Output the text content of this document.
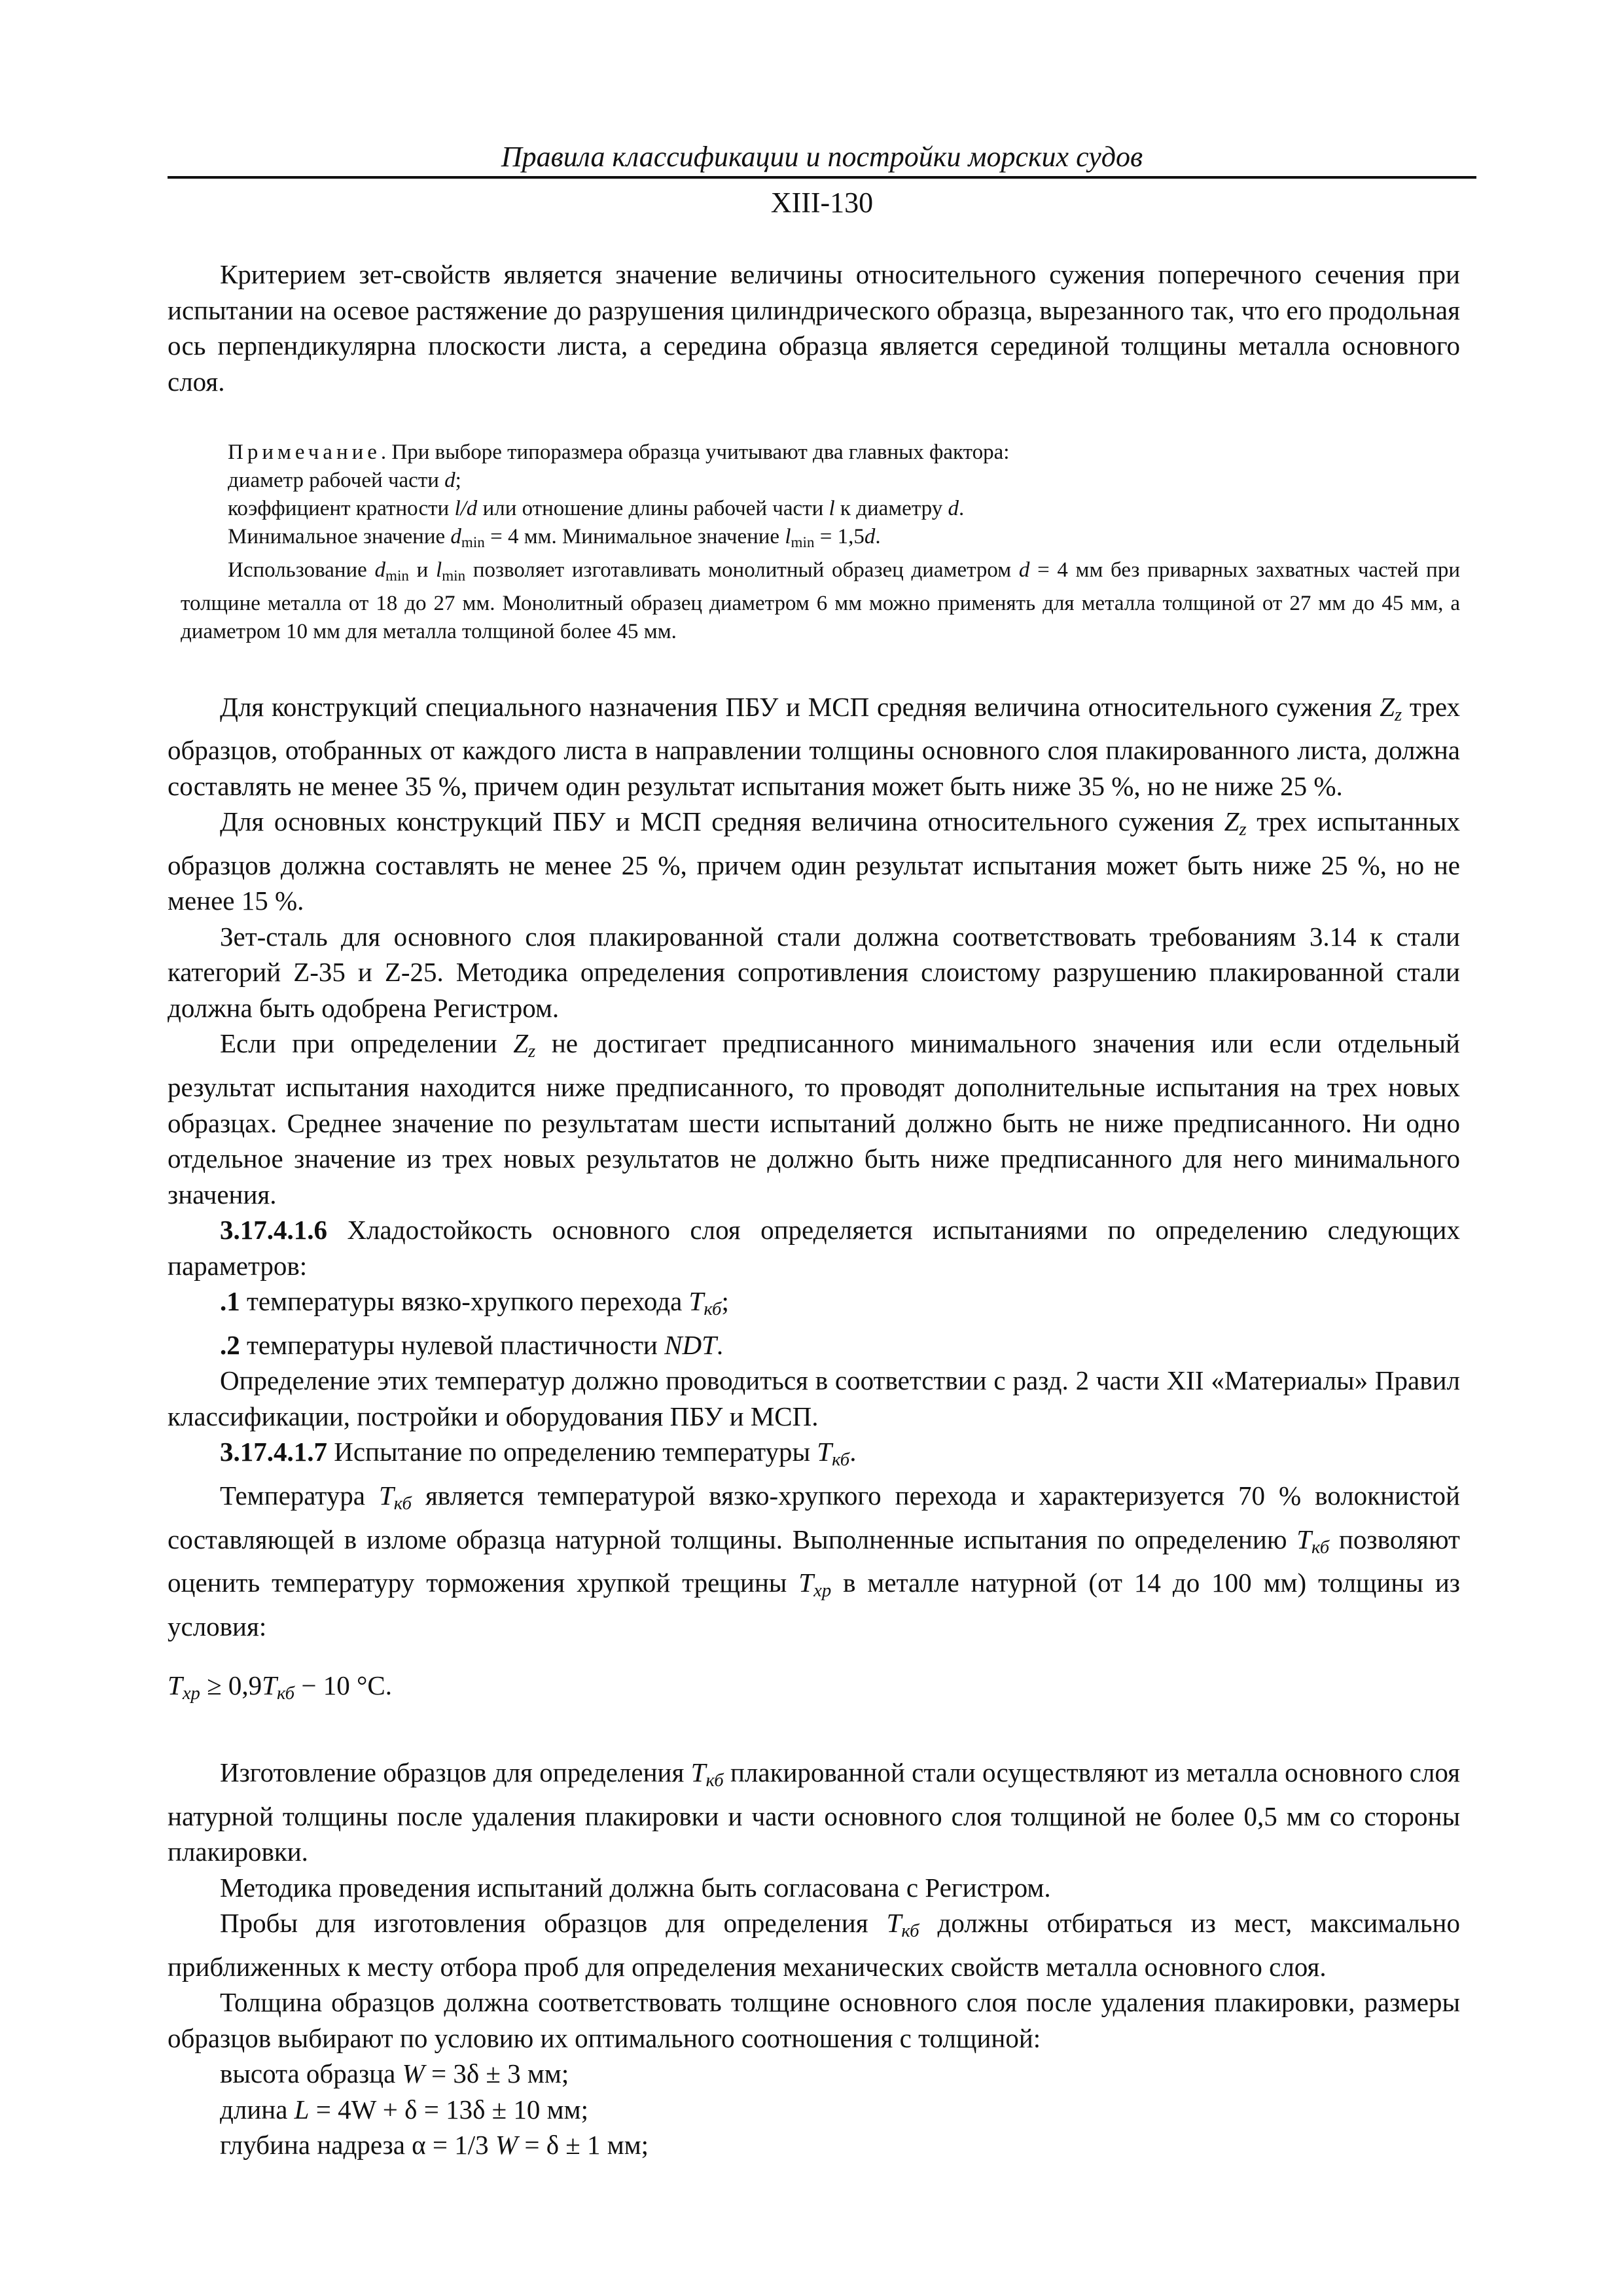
Правила классификации и постройки морских судов
XIII-130

Критерием зет-свойств является значение величины относительного сужения поперечного сечения при испытании на осевое растяжение до разрушения цилиндрического образца, вырезанного так, что его продольная ось перпендикулярна плоскости листа, а середина образца является серединой толщины металла основного слоя.

Примечание. При выборе типоразмера образца учитывают два главных фактора:
диаметр рабочей части d;
коэффициент кратности l/d или отношение длины рабочей части l к диаметру d.
Минимальное значение $d_{min} = 4$ мм. Минимальное значение $l_{min} = 1,5d$.
Использование $d_{min}$ и $l_{min}$ позволяет изготавливать монолитный образец диаметром d = 4 мм без приварных захватных частей при толщине металла от 18 до 27 мм. Монолитный образец диаметром 6 мм можно применять для металла толщиной от 27 мм до 45 мм, а диаметром 10 мм для металла толщиной более 45 мм.

Для конструкций специального назначения ПБУ и МСП средняя величина относительного сужения $Z_z$ трех образцов, отобранных от каждого листа в направлении толщины основного слоя плакированного листа, должна составлять не менее 35 %, причем один результат испытания может быть ниже 35 %, но не ниже 25 %.

Для основных конструкций ПБУ и МСП средняя величина относительного сужения $Z_z$ трех испытанных образцов должна составлять не менее 25 %, причем один результат испытания может быть ниже 25 %, но не менее 15 %.

Зет-сталь для основного слоя плакированной стали должна соответствовать требованиям 3.14 к стали категорий Z-35 и Z-25. Методика определения сопротивления слоистому разрушению плакированной стали должна быть одобрена Регистром.

Если при определении $Z_z$ не достигает предписанного минимального значения или если отдельный результат испытания находится ниже предписанного, то проводят дополнительные испытания на трех новых образцах. Среднее значение по результатам шести испытаний должно быть не ниже предписанного. Ни одно отдельное значение из трех новых результатов не должно быть ниже предписанного для него минимального значения.

3.17.4.1.6 Хладостойкость основного слоя определяется испытаниями по определению следующих параметров:

.1 температуры вязко-хрупкого перехода $T_{кб}$;

.2 температуры нулевой пластичности NDT.

Определение этих температур должно проводиться в соответствии с разд. 2 части XII «Материалы» Правил классификации, постройки и оборудования ПБУ и МСП.

3.17.4.1.7 Испытание по определению температуры $T_{кб}$.

Температура $T_{кб}$ является температурой вязко-хрупкого перехода и характеризуется 70 % волокнистой составляющей в изломе образца натурной толщины. Выполненные испытания по определению $T_{кб}$ позволяют оценить температуру торможения хрупкой трещины $T_{хр}$ в металле натурной (от 14 до 100 мм) толщины из условия:

$T_{хр} \ge 0,9T_{кб} - 10$ °С.

Изготовление образцов для определения $T_{кб}$ плакированной стали осуществляют из металла основного слоя натурной толщины после удаления плакировки и части основного слоя толщиной не более 0,5 мм со стороны плакировки.

Методика проведения испытаний должна быть согласована с Регистром.

Пробы для изготовления образцов для определения $T_{кб}$ должны отбираться из мест, максимально приближенных к месту отбора проб для определения механических свойств металла основного слоя.

Толщина образцов должна соответствовать толщине основного слоя после удаления плакировки, размеры образцов выбирают по условию их оптимального соотношения с толщиной:

высота образца W = 3δ ± 3 мм;

длина L = 4W + δ = 13δ ± 10 мм;

глубина надреза α = 1/3 W = δ ± 1 мм;
